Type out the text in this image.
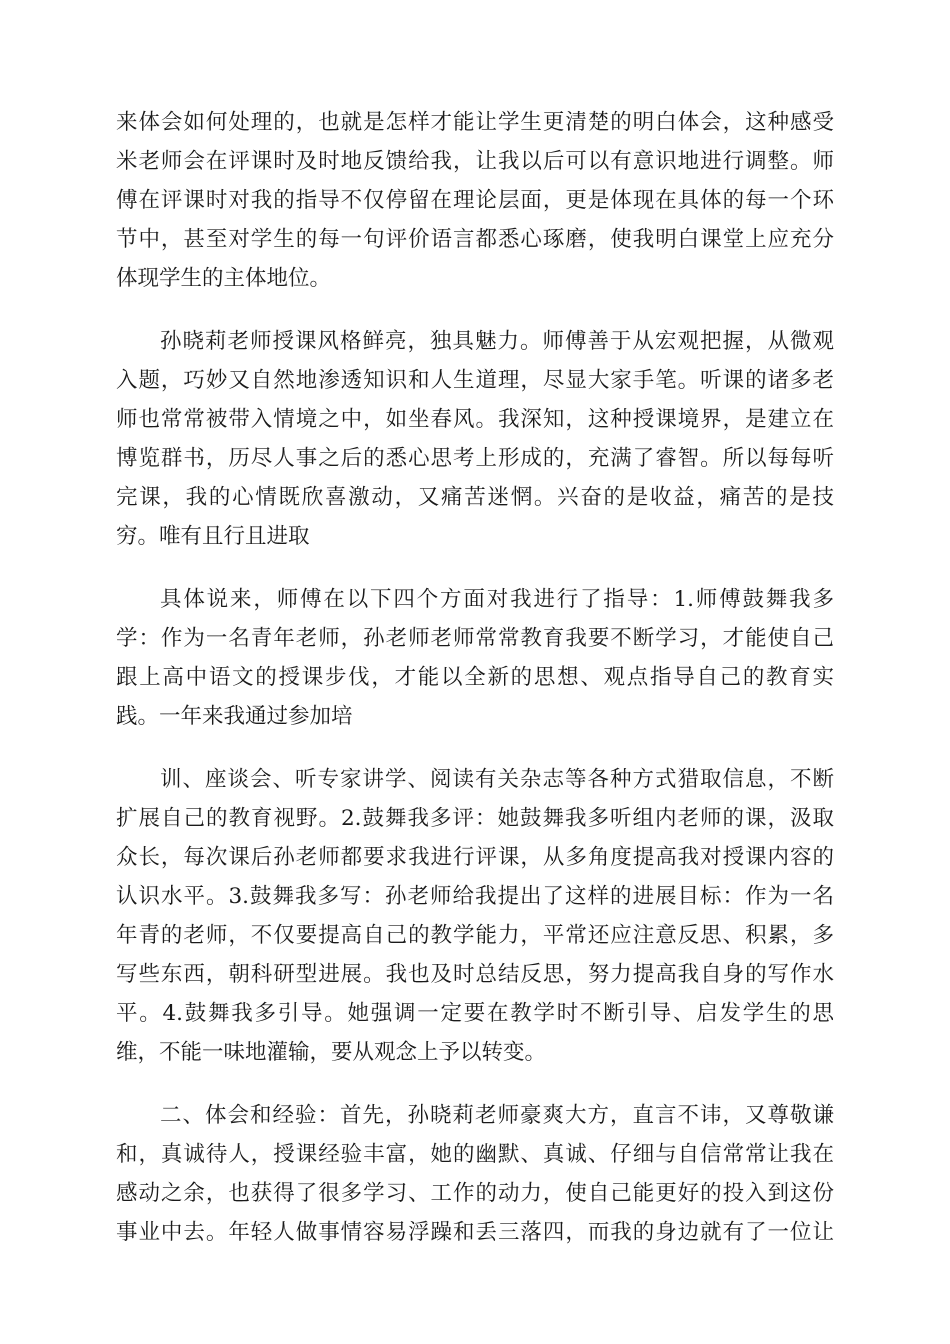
来体会如何处理的，也就是怎样才能让学生更清楚的明白体会，这种感受
米老师会在评课时及时地反馈给我，让我以后可以有意识地进行调整。师
傅在评课时对我的指导不仅停留在理论层面，更是体现在具体的每一个环
节中，甚至对学生的每一句评价语言都悉心琢磨，使我明白课堂上应充分
体现学生的主体地位。
孙晓莉老师授课风格鲜亮，独具魅力。师傅善于从宏观把握，从微观
入题，巧妙又自然地渗透知识和人生道理，尽显大家手笔。听课的诸多老
师也常常被带入情境之中，如坐春风。我深知，这种授课境界，是建立在
博览群书，历尽人事之后的悉心思考上形成的，充满了睿智。所以每每听
完课，我的心情既欣喜激动，又痛苦迷惘。兴奋的是收益，痛苦的是技
穷。唯有且行且进取
具体说来，师傅在以下四个方面对我进行了指导：1.师傅鼓舞我多
学：作为一名青年老师，孙老师老师常常教育我要不断学习，才能使自己
跟上高中语文的授课步伐，才能以全新的思想、观点指导自己的教育实
践。一年来我通过参加培
训、座谈会、听专家讲学、阅读有关杂志等各种方式猎取信息，不断
扩展自己的教育视野。2.鼓舞我多评：她鼓舞我多听组内老师的课，汲取
众长，每次课后孙老师都要求我进行评课，从多角度提高我对授课内容的
认识水平。3.鼓舞我多写：孙老师给我提出了这样的进展目标：作为一名
年青的老师，不仅要提高自己的教学能力，平常还应注意反思、积累，多
写些东西，朝科研型进展。我也及时总结反思，努力提高我自身的写作水
平。4.鼓舞我多引导。她强调一定要在教学时不断引导、启发学生的思
维，不能一味地灌输，要从观念上予以转变。
二、体会和经验：首先，孙晓莉老师豪爽大方，直言不讳，又尊敬谦
和，真诚待人，授课经验丰富，她的幽默、真诚、仔细与自信常常让我在
感动之余，也获得了很多学习、工作的动力，使自己能更好的投入到这份
事业中去。年轻人做事情容易浮躁和丢三落四，而我的身边就有了一位让
